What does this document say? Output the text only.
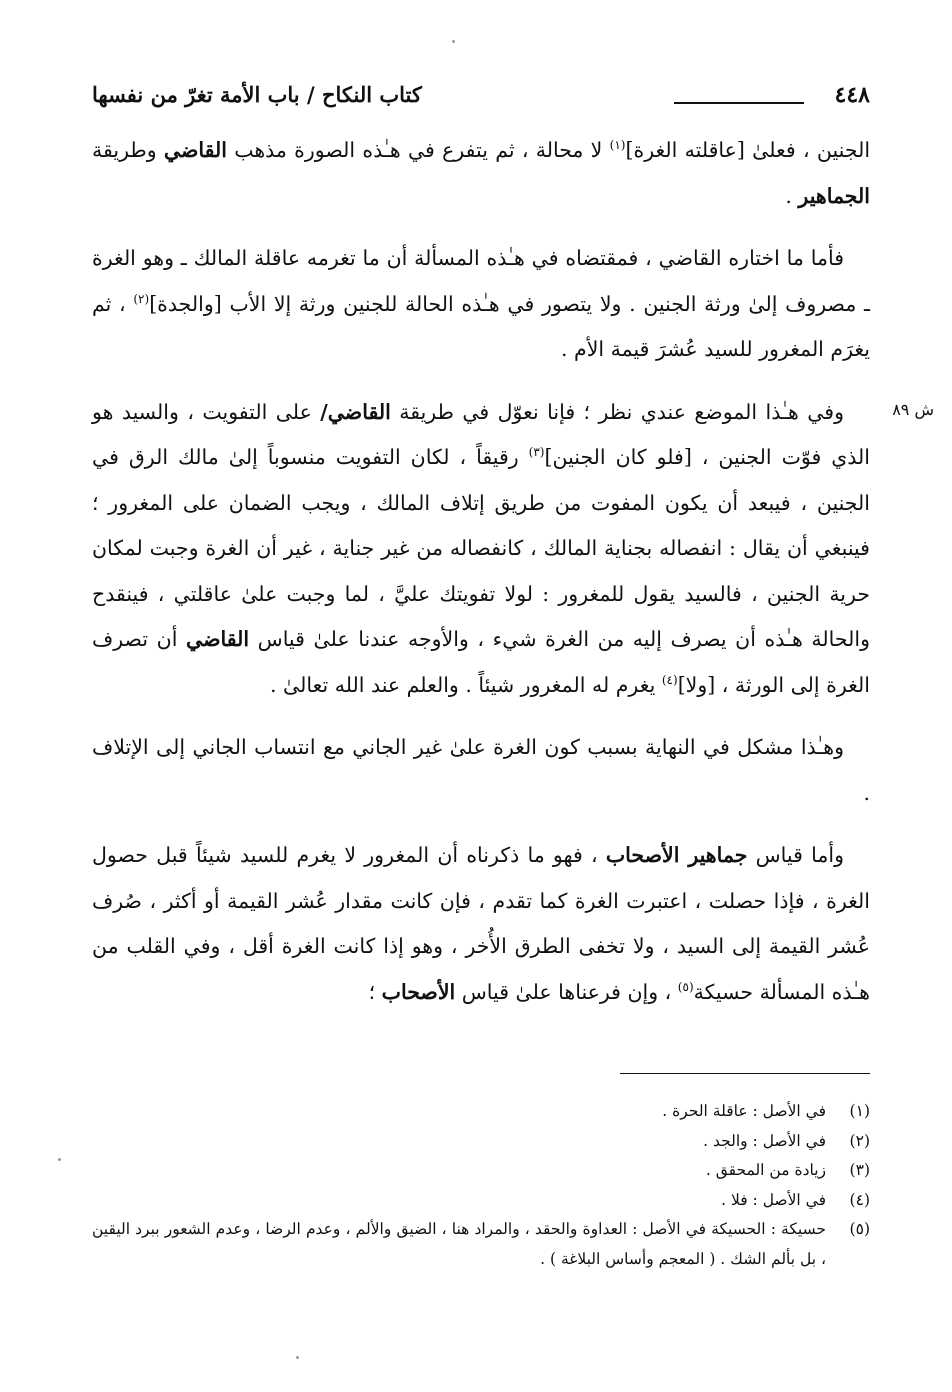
٤٤٨
كتاب النكاح / باب الأمة تغرّ من نفسها
ش ٨٩

الجنين ، فعلىٰ [عاقلته الغرة]$^{(١)}$ لا محالة ، ثم يتفرع في هـٰذه الصورة مذهب القاضي وطريقة الجماهير .

فأما ما اختاره القاضي ، فمقتضاه في هـٰذه المسألة أن ما تغرمه عاقلة المالك ـ وهو الغرة ـ مصروف إلىٰ ورثة الجنين . ولا يتصور في هـٰذه الحالة للجنين ورثة إلا الأب [والجدة]$^{(٢)}$ ، ثم يغرَم المغرور للسيد عُشرَ قيمة الأم .

وفي هـٰذا الموضع عندي نظر ؛ فإنا نعوّل في طريقة القاضي/ على التفويت ، والسيد هو الذي فوّت الجنين ، [فلو كان الجنين]$^{(٣)}$ رقيقاً ، لكان التفويت منسوباً إلىٰ مالك الرق في الجنين ، فيبعد أن يكون المفوت من طريق إتلاف المالك ، ويجب الضمان على المغرور ؛ فينبغي أن يقال : انفصاله بجناية المالك ، كانفصاله من غير جناية ، غير أن الغرة وجبت لمكان حرية الجنين ، فالسيد يقول للمغرور : لولا تفويتك عليَّ ، لما وجبت علىٰ عاقلتي ، فينقدح والحالة هـٰذه أن يصرف إليه من الغرة شيء ، والأوجه عندنا علىٰ قياس القاضي أن تصرف الغرة إلى الورثة ، [ولا]$^{(٤)}$ يغرم له المغرور شيئاً . والعلم عند الله تعالىٰ .

وهـٰذا مشكل في النهاية بسبب كون الغرة علىٰ غير الجاني مع انتساب الجاني إلى الإتلاف .

وأما قياس جماهير الأصحاب ، فهو ما ذكرناه أن المغرور لا يغرم للسيد شيئاً قبل حصول الغرة ، فإذا حصلت ، اعتبرت الغرة كما تقدم ، فإن كانت مقدار عُشر القيمة أو أكثر ، صُرف عُشر القيمة إلى السيد ، ولا تخفى الطرق الأُخر ، وهو إذا كانت الغرة أقل ، وفي القلب من هـٰذه المسألة حسيكة$^{(٥)}$ ، وإن فرعناها علىٰ قياس الأصحاب ؛

(١)
في الأصل : عاقلة الحرة .
(٢)
في الأصل : والجد .
(٣)
زيادة من المحقق .
(٤)
في الأصل : فلا .
(٥)
حسيكة : الحسيكة في الأصل : العداوة والحقد ، والمراد هنا ، الضيق والألم ، وعدم الرضا ، وعدم الشعور ببرد اليقين ، بل بألم الشك . ( المعجم وأساس البلاغة ) .
